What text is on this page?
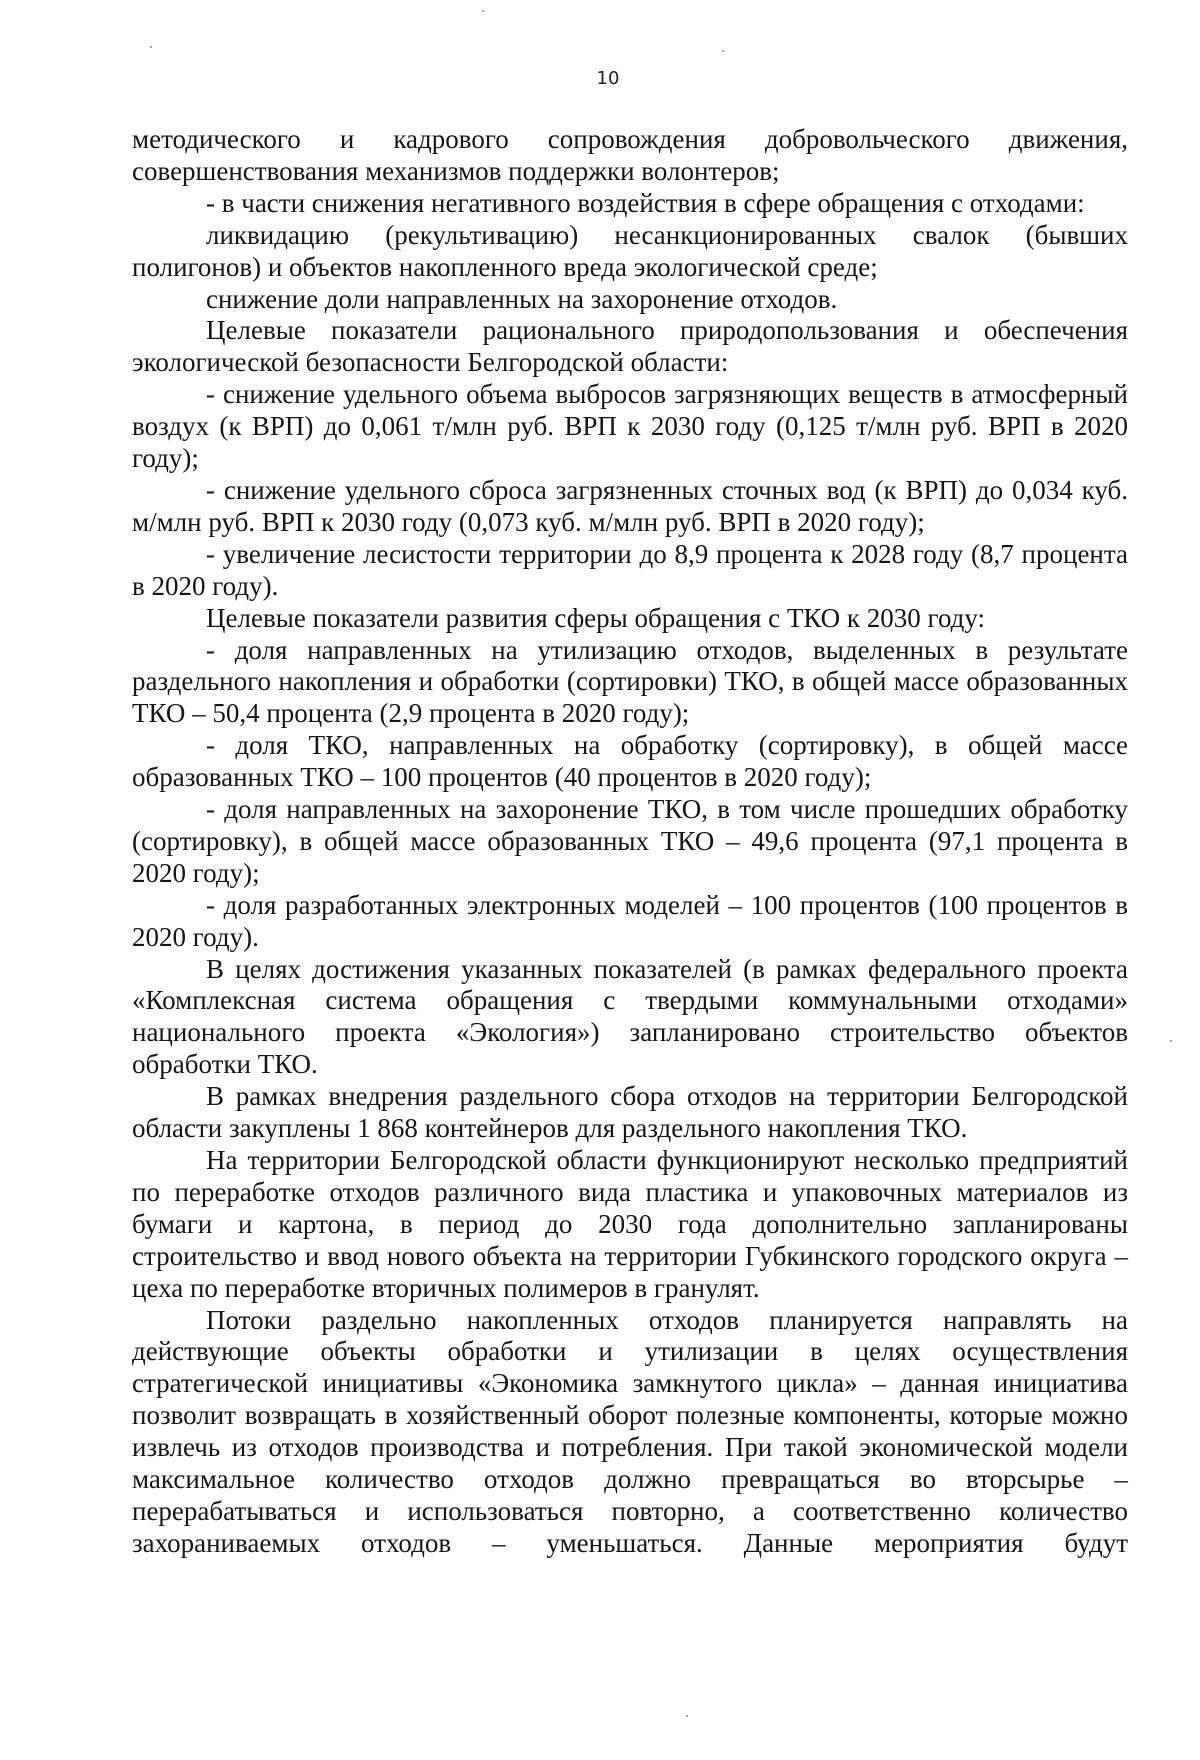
10

методического и кадрового сопровождения добровольческого движения, совершенствования механизмов поддержки волонтеров;

- в части снижения негативного воздействия в сфере обращения с отходами:

ликвидацию (рекультивацию) несанкционированных свалок (бывших полигонов) и объектов накопленного вреда экологической среде;

снижение доли направленных на захоронение отходов.

Целевые показатели рационального природопользования и обеспечения экологической безопасности Белгородской области:

- снижение удельного объема выбросов загрязняющих веществ в атмосферный воздух (к ВРП) до 0,061 т/млн руб. ВРП к 2030 году (0,125 т/млн руб. ВРП в 2020 году);

- снижение удельного сброса загрязненных сточных вод (к ВРП) до 0,034 куб. м/млн руб. ВРП к 2030 году (0,073 куб. м/млн руб. ВРП в 2020 году);

- увеличение лесистости территории до 8,9 процента к 2028 году (8,7 процента в 2020 году).

Целевые показатели развития сферы обращения с ТКО к 2030 году:

- доля направленных на утилизацию отходов, выделенных в результате раздельного накопления и обработки (сортировки) ТКО, в общей массе образованных ТКО – 50,4 процента (2,9 процента в 2020 году);

- доля ТКО, направленных на обработку (сортировку), в общей массе образованных ТКО – 100 процентов (40 процентов в 2020 году);

- доля направленных на захоронение ТКО, в том числе прошедших обработку (сортировку), в общей массе образованных ТКО – 49,6 процента (97,1 процента в 2020 году);

- доля разработанных электронных моделей – 100 процентов (100 процентов в 2020 году).

В целях достижения указанных показателей (в рамках федерального проекта «Комплексная система обращения с твердыми коммунальными отходами» национального проекта «Экология») запланировано строительство объектов обработки ТКО.

В рамках внедрения раздельного сбора отходов на территории Белгородской области закуплены 1 868 контейнеров для раздельного накопления ТКО.

На территории Белгородской области функционируют несколько предприятий по переработке отходов различного вида пластика и упаковочных материалов из бумаги и картона, в период до 2030 года дополнительно запланированы строительство и ввод нового объекта на территории Губкинского городского округа – цеха по переработке вторичных полимеров в гранулят.

Потоки раздельно накопленных отходов планируется направлять на действующие объекты обработки и утилизации в целях осуществления стратегической инициативы «Экономика замкнутого цикла» – данная инициатива позволит возвращать в хозяйственный оборот полезные компоненты, которые можно извлечь из отходов производства и потребления. При такой экономической модели максимальное количество отходов должно превращаться во вторсырье – перерабатываться и использоваться повторно, а соответственно количество захораниваемых отходов – уменьшаться. Данные мероприятия будут
